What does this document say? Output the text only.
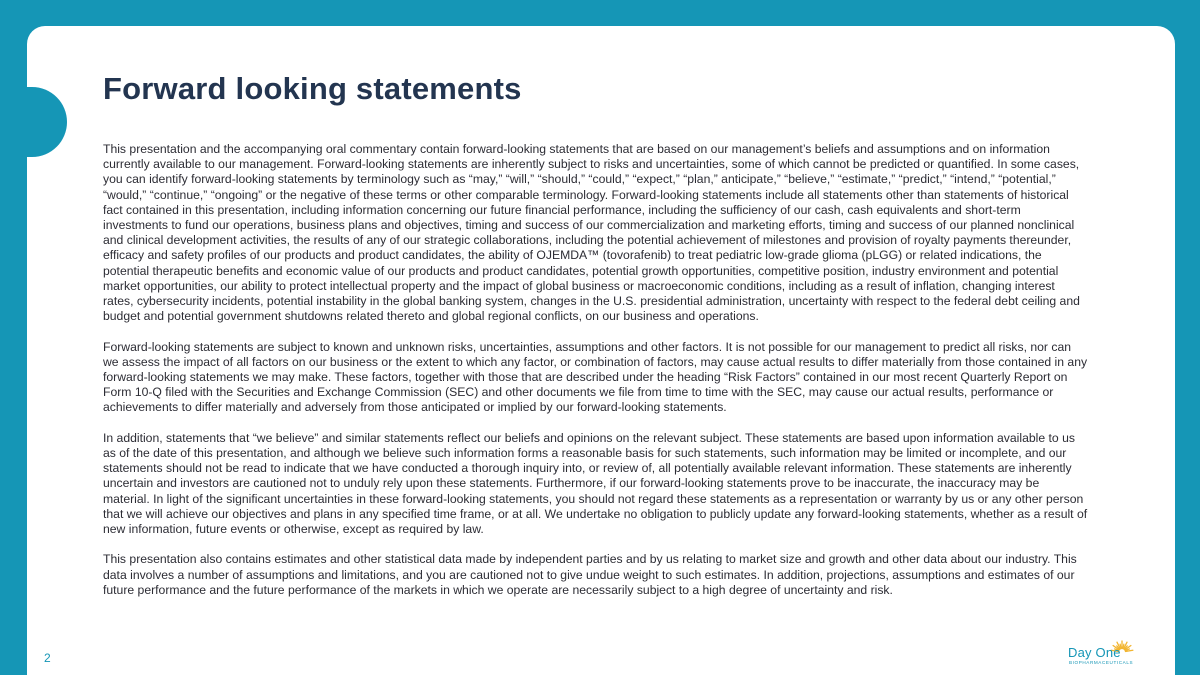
Forward looking statements

This presentation and the accompanying oral commentary contain forward-looking statements that are based on our management’s beliefs and assumptions and on information currently available to our management. Forward-looking statements are inherently subject to risks and uncertainties, some of which cannot be predicted or quantified. In some cases, you can identify forward-looking statements by terminology such as “may,” “will,” “should,” “could,” “expect,” “plan,” anticipate,” “believe,” “estimate,” “predict,” “intend,” “potential,” “would,” “continue,” “ongoing” or the negative of these terms or other comparable terminology. Forward-looking statements include all statements other than statements of historical fact contained in this presentation, including information concerning our future financial performance, including the sufficiency of our cash, cash equivalents and short-term investments to fund our operations, business plans and objectives, timing and success of our commercialization and marketing efforts, timing and success of our planned nonclinical and clinical development activities, the results of any of our strategic collaborations, including the potential achievement of milestones and provision of royalty payments thereunder, efficacy and safety profiles of our products and product candidates, the ability of OJEMDA™ (tovorafenib) to treat pediatric low-grade glioma (pLGG) or related indications, the potential therapeutic benefits and economic value of our products and product candidates, potential growth opportunities, competitive position, industry environment and potential market opportunities, our ability to protect intellectual property and the impact of global business or macroeconomic conditions, including as a result of inflation, changing interest rates, cybersecurity incidents, potential instability in the global banking system, changes in the U.S. presidential administration, uncertainty with respect to the federal debt ceiling and budget and potential government shutdowns related thereto and global regional conflicts, on our business and operations.

Forward-looking statements are subject to known and unknown risks, uncertainties, assumptions and other factors. It is not possible for our management to predict all risks, nor can we assess the impact of all factors on our business or the extent to which any factor, or combination of factors, may cause actual results to differ materially from those contained in any forward-looking statements we may make. These factors, together with those that are described under the heading “Risk Factors” contained in our most recent Quarterly Report on Form 10-Q filed with the Securities and Exchange Commission (SEC) and other documents we file from time to time with the SEC, may cause our actual results, performance or achievements to differ materially and adversely from those anticipated or implied by our forward-looking statements.

In addition, statements that “we believe” and similar statements reflect our beliefs and opinions on the relevant subject. These statements are based upon information available to us as of the date of this presentation, and although we believe such information forms a reasonable basis for such statements, such information may be limited or incomplete, and our statements should not be read to indicate that we have conducted a thorough inquiry into, or review of, all potentially available relevant information. These statements are inherently uncertain and investors are cautioned not to unduly rely upon these statements. Furthermore, if our forward-looking statements prove to be inaccurate, the inaccuracy may be material. In light of the significant uncertainties in these forward-looking statements, you should not regard these statements as a representation or warranty by us or any other person that we will achieve our objectives and plans in any specified time frame, or at all. We undertake no obligation to publicly update any forward-looking statements, whether as a result of new information, future events or otherwise, except as required by law.

This presentation also contains estimates and other statistical data made by independent parties and by us relating to market size and growth and other data about our industry. This data involves a number of assumptions and limitations, and you are cautioned not to give undue weight to such estimates. In addition, projections, assumptions and estimates of our future performance and the future performance of the markets in which we operate are necessarily subject to a high degree of uncertainty and risk.

2	Day One
BIOPHARMACEUTICALS
